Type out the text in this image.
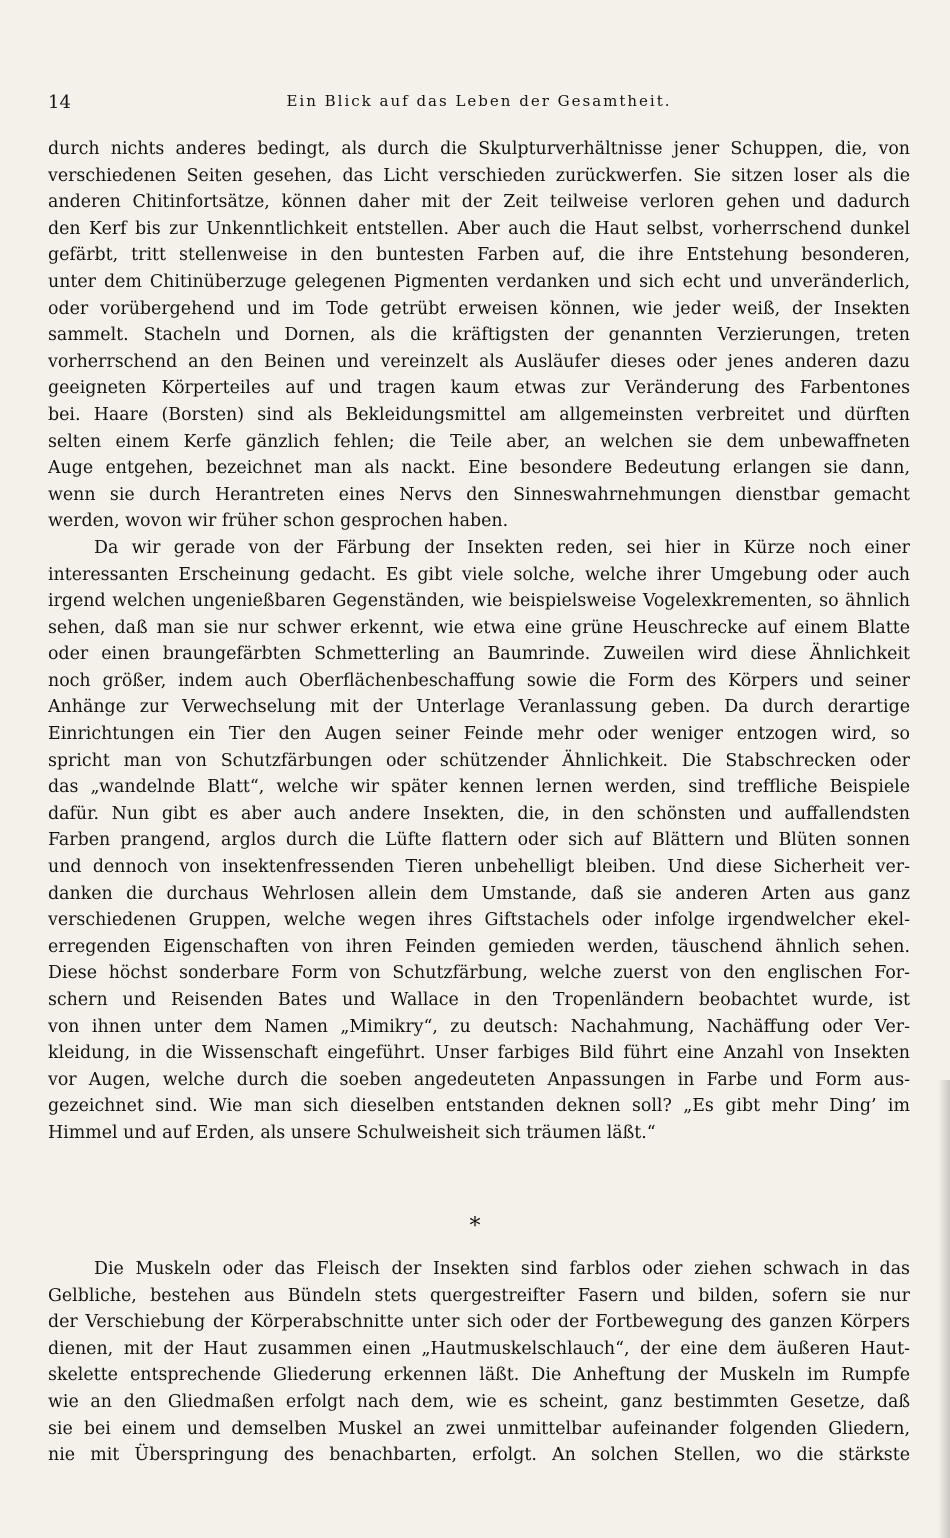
14	Ein Blick auf das Leben der Gesamtheit.
durch nichts anderes bedingt, als durch die Skulpturverhältnisse jener Schuppen, die, von
verschiedenen Seiten gesehen, das Licht verschieden zurückwerfen. Sie sitzen loser als die
anderen Chitinfortsätze, können daher mit der Zeit teilweise verloren gehen und dadurch
den Kerf bis zur Unkenntlichkeit entstellen. Aber auch die Haut selbst, vorherrschend dunkel
gefärbt, tritt stellenweise in den buntesten Farben auf, die ihre Entstehung besonderen,
unter dem Chitinüberzuge gelegenen Pigmenten verdanken und sich echt und unveränderlich,
oder vorübergehend und im Tode getrübt erweisen können, wie jeder weiß, der Insekten
sammelt. Stacheln und Dornen, als die kräftigsten der genannten Verzierungen, treten
vorherrschend an den Beinen und vereinzelt als Ausläufer dieses oder jenes anderen dazu
geeigneten Körperteiles auf und tragen kaum etwas zur Veränderung des Farbentones
bei. Haare (Borsten) sind als Bekleidungsmittel am allgemeinsten verbreitet und dürften
selten einem Kerfe gänzlich fehlen; die Teile aber, an welchen sie dem unbewaffneten
Auge entgehen, bezeichnet man als nackt. Eine besondere Bedeutung erlangen sie dann,
wenn sie durch Herantreten eines Nervs den Sinneswahrnehmungen dienstbar gemacht
werden, wovon wir früher schon gesprochen haben.
Da wir gerade von der Färbung der Insekten reden, sei hier in Kürze noch einer
interessanten Erscheinung gedacht. Es gibt viele solche, welche ihrer Umgebung oder auch
irgend welchen ungenießbaren Gegenständen, wie beispielsweise Vogelexkrementen, so ähnlich
sehen, daß man sie nur schwer erkennt, wie etwa eine grüne Heuschrecke auf einem Blatte
oder einen braungefärbten Schmetterling an Baumrinde. Zuweilen wird diese Ähnlichkeit
noch größer, indem auch Oberflächenbeschaffung sowie die Form des Körpers und seiner
Anhänge zur Verwechselung mit der Unterlage Veranlassung geben. Da durch derartige
Einrichtungen ein Tier den Augen seiner Feinde mehr oder weniger entzogen wird, so
spricht man von Schutzfärbungen oder schützender Ähnlichkeit. Die Stabschrecken oder
das „wandelnde Blatt“, welche wir später kennen lernen werden, sind treffliche Beispiele
dafür. Nun gibt es aber auch andere Insekten, die, in den schönsten und auffallendsten
Farben prangend, arglos durch die Lüfte flattern oder sich auf Blättern und Blüten sonnen
und dennoch von insektenfressenden Tieren unbehelligt bleiben. Und diese Sicherheit ver-
danken die durchaus Wehrlosen allein dem Umstande, daß sie anderen Arten aus ganz
verschiedenen Gruppen, welche wegen ihres Giftstachels oder infolge irgendwelcher ekel-
erregenden Eigenschaften von ihren Feinden gemieden werden, täuschend ähnlich sehen.
Diese höchst sonderbare Form von Schutzfärbung, welche zuerst von den englischen For-
schern und Reisenden Bates und Wallace in den Tropenländern beobachtet wurde, ist
von ihnen unter dem Namen „Mimikry“, zu deutsch: Nachahmung, Nachäffung oder Ver-
kleidung, in die Wissenschaft eingeführt. Unser farbiges Bild führt eine Anzahl von Insekten
vor Augen, welche durch die soeben angedeuteten Anpassungen in Farbe und Form aus-
gezeichnet sind. Wie man sich dieselben entstanden deknen soll? „Es gibt mehr Ding’ im
Himmel und auf Erden, als unsere Schulweisheit sich träumen läßt.“
*
Die Muskeln oder das Fleisch der Insekten sind farblos oder ziehen schwach in das
Gelbliche, bestehen aus Bündeln stets quergestreifter Fasern und bilden, sofern sie nur
der Verschiebung der Körperabschnitte unter sich oder der Fortbewegung des ganzen Körpers
dienen, mit der Haut zusammen einen „Hautmuskelschlauch“, der eine dem äußeren Haut-
skelette entsprechende Gliederung erkennen läßt. Die Anheftung der Muskeln im Rumpfe
wie an den Gliedmaßen erfolgt nach dem, wie es scheint, ganz bestimmten Gesetze, daß
sie bei einem und demselben Muskel an zwei unmittelbar aufeinander folgenden Gliedern,
nie mit Überspringung des benachbarten, erfolgt. An solchen Stellen, wo die stärkste
